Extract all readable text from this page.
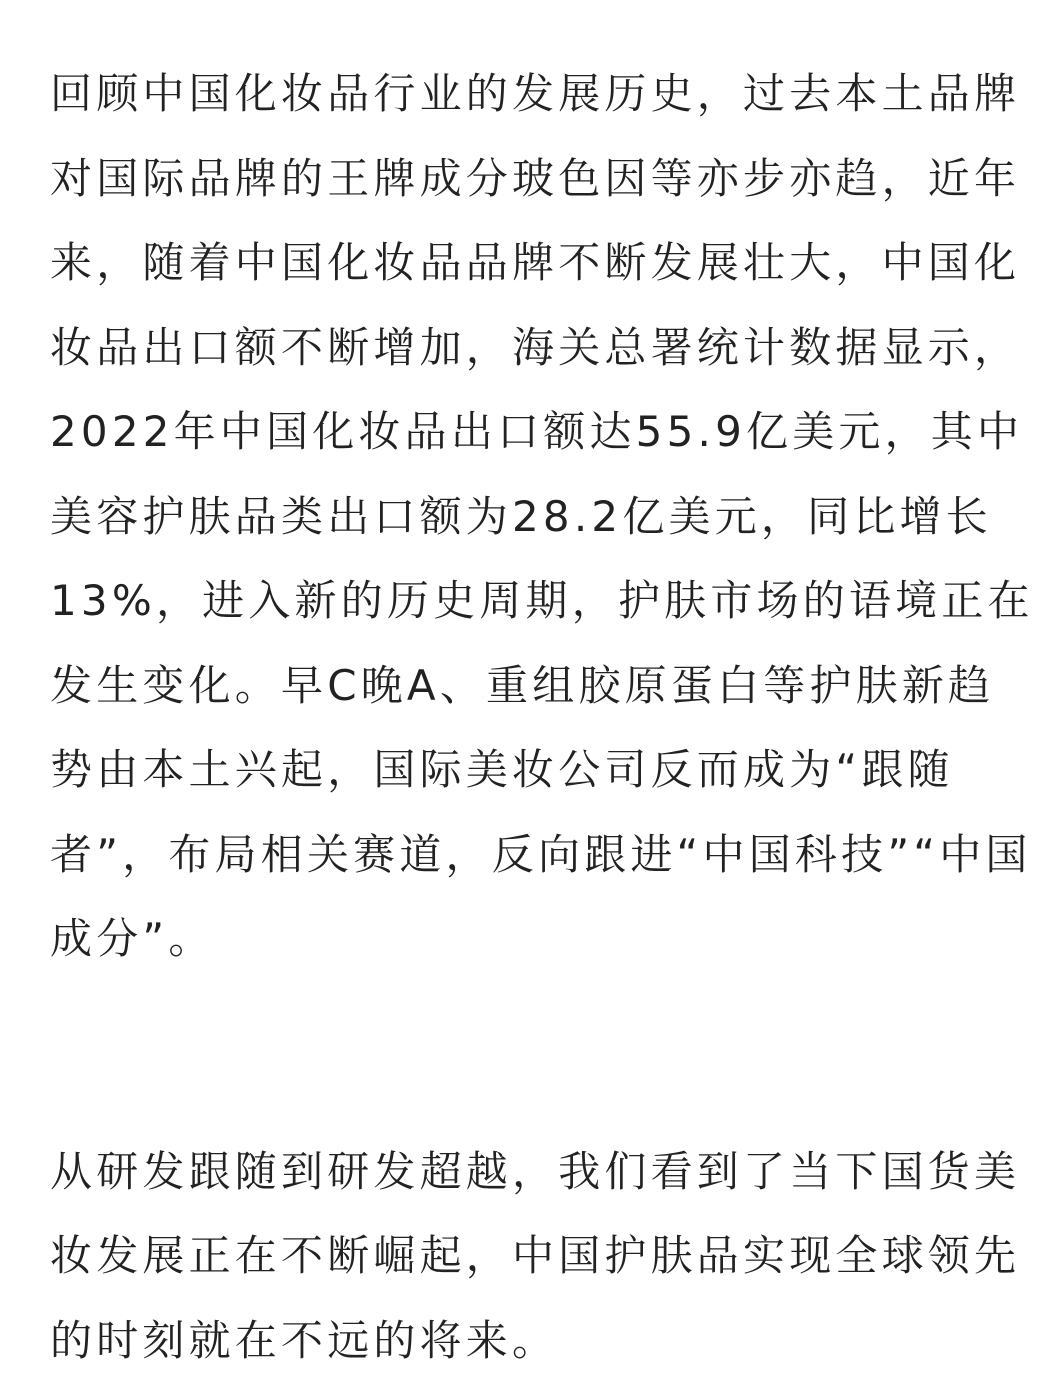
回顾中国化妆品行业的发展历史，过去本土品牌
对国际品牌的王牌成分玻色因等亦步亦趋，近年
来，随着中国化妆品品牌不断发展壮大，中国化
妆品出口额不断增加，海关总署统计数据显示，
2022年中国化妆品出口额达55.9亿美元，其中
美容护肤品类出口额为28.2亿美元，同比增长
13%，进入新的历史周期，护肤市场的语境正在
发生变化。早C晚A、重组胶原蛋白等护肤新趋
势由本土兴起，国际美妆公司反而成为“跟随
者”，布局相关赛道，反向跟进“中国科技”“中国
成分”。

从研发跟随到研发超越，我们看到了当下国货美
妆发展正在不断崛起，中国护肤品实现全球领先
的时刻就在不远的将来。
